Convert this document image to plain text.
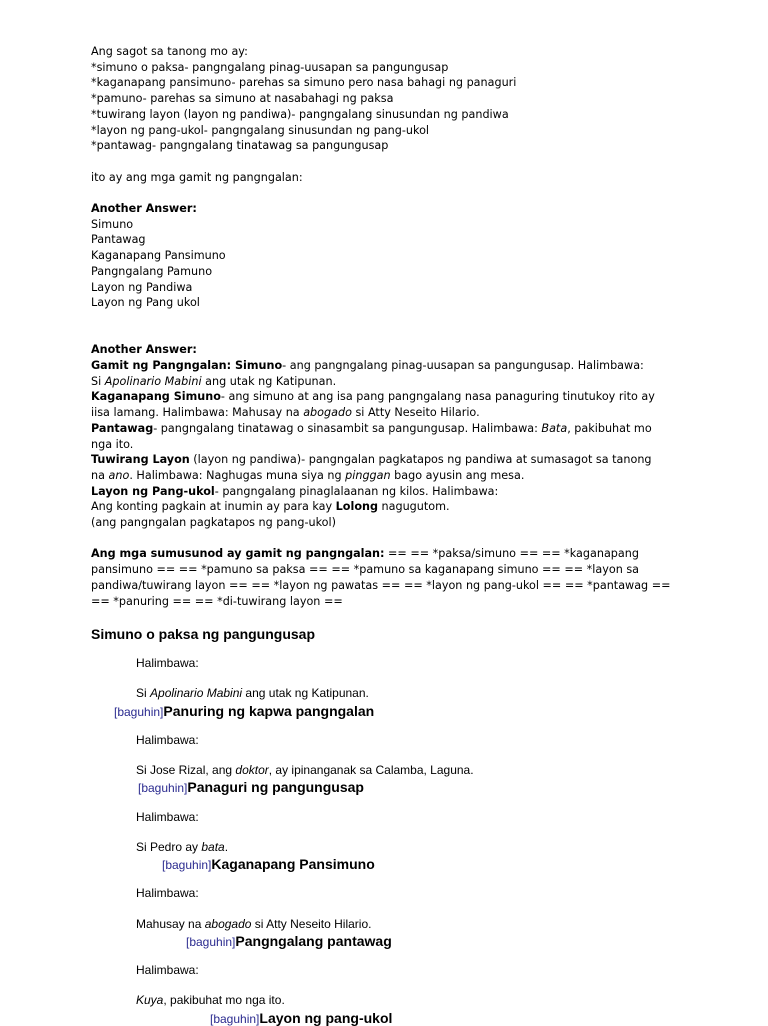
Ang sagot sa tanong mo ay:

*simuno o paksa- pangngalang pinag-uusapan sa pangungusap

*kaganapang pansimuno- parehas sa simuno pero nasa bahagi ng panaguri

*pamuno- parehas sa simuno at nasabahagi ng paksa

*tuwirang layon (layon ng pandiwa)- pangngalang sinusundan ng pandiwa

*layon ng pang-ukol- pangngalang sinusundan ng pang-ukol

*pantawag- pangngalang tinatawag sa pangungusap

ito ay ang mga gamit ng pangngalan:

Another Answer:

Simuno

Pantawag

Kaganapang Pansimuno

Pangngalang Pamuno

Layon ng Pandiwa

Layon ng Pang ukol

Another Answer:

Gamit ng Pangngalan: Simuno- ang pangngalang pinag-uusapan sa pangungusap. Halimbawa:

Si Apolinario Mabini ang utak ng Katipunan.

Kaganapang Simuno- ang simuno at ang isa pang pangngalang nasa panaguring tinutukoy rito ay

iisa lamang. Halimbawa: Mahusay na abogado si Atty Neseito Hilario.

Pantawag- pangngalang tinatawag o sinasambit sa pangungusap. Halimbawa: Bata, pakibuhat mo

nga ito.

Tuwirang Layon (layon ng pandiwa)- pangngalan pagkatapos ng pandiwa at sumasagot sa tanong

na ano. Halimbawa: Naghugas muna siya ng pinggan bago ayusin ang mesa.

Layon ng Pang-ukol- pangngalang pinaglalaanan ng kilos. Halimbawa:

Ang konting pagkain at inumin ay para kay Lolong nagugutom.

(ang pangngalan pagkatapos ng pang-ukol)

Ang mga sumusunod ay gamit ng pangngalan: == == *paksa/simuno == == *kaganapang pansimuno == == *pamuno sa paksa == == *pamuno sa kaganapang simuno == == *layon sa pandiwa/tuwirang layon == == *layon ng pawatas == == *layon ng pang-ukol == == *pantawag == == *panuring == == *di-tuwirang layon ==

Simuno o paksa ng pangungusap

Halimbawa:

Si Apolinario Mabini ang utak ng Katipunan.

[baguhin]Panuring ng kapwa pangngalan

Halimbawa:

Si Jose Rizal, ang doktor, ay ipinanganak sa Calamba, Laguna.

[baguhin]Panaguri ng pangungusap

Halimbawa:

Si Pedro ay bata.

[baguhin]Kaganapang Pansimuno

Halimbawa:

Mahusay na abogado si Atty Neseito Hilario.

[baguhin]Pangngalang pantawag

Halimbawa:

Kuya, pakibuhat mo nga ito.

[baguhin]Layon ng pang-ukol
